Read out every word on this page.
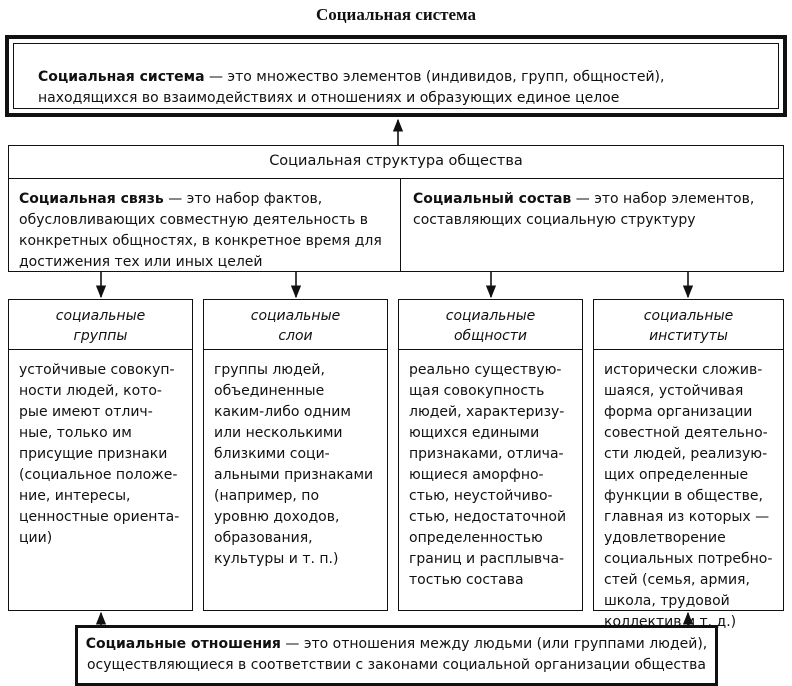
Социальная система
Социальная система — это множество элементов (индивидов, групп, общностей), находящихся во взаимодействиях и отношениях и образующих единое целое
Социальная структура общества
Социальная связь — это набор фактов, обусловливающих совместную деятельность в конкретных общностях, в конкретное время для достижения тех или иных целей
Социальный состав — это набор элементов, составляющих социальную структуру
социальные
группы
устойчивые совокуп-
ности людей, кото-
рые имеют отлич-
ные, только им
присущие признаки
(социальное положе-
ние, интересы,
ценностные ориента-
ции)
социальные
слои
группы людей,
объединенные
каким-либо одним
или несколькими
близкими соци-
альными признаками
(например, по
уровню доходов,
образования,
культуры и т. п.)
социальные
общности
реально существую-
щая совокупность
людей, характеризу-
ющихся едиными
признаками, отлича-
ющиеся аморфно-
стью, неустойчиво-
стью, недостаточной
определенностью
границ и расплывча-
тостью состава
социальные
институты
исторически сложив-
шаяся, устойчивая
форма организации
совестной деятельно-
сти людей, реализую-
щих определенные
функции в обществе,
главная из которых —
удовлетворение
социальных потребно-
стей (семья, армия,
школа, трудовой
коллектив и т. д.)
Социальные отношения — это отношения между людьми (или группами людей),
осуществляющиеся в соответствии с законами социальной организации общества
